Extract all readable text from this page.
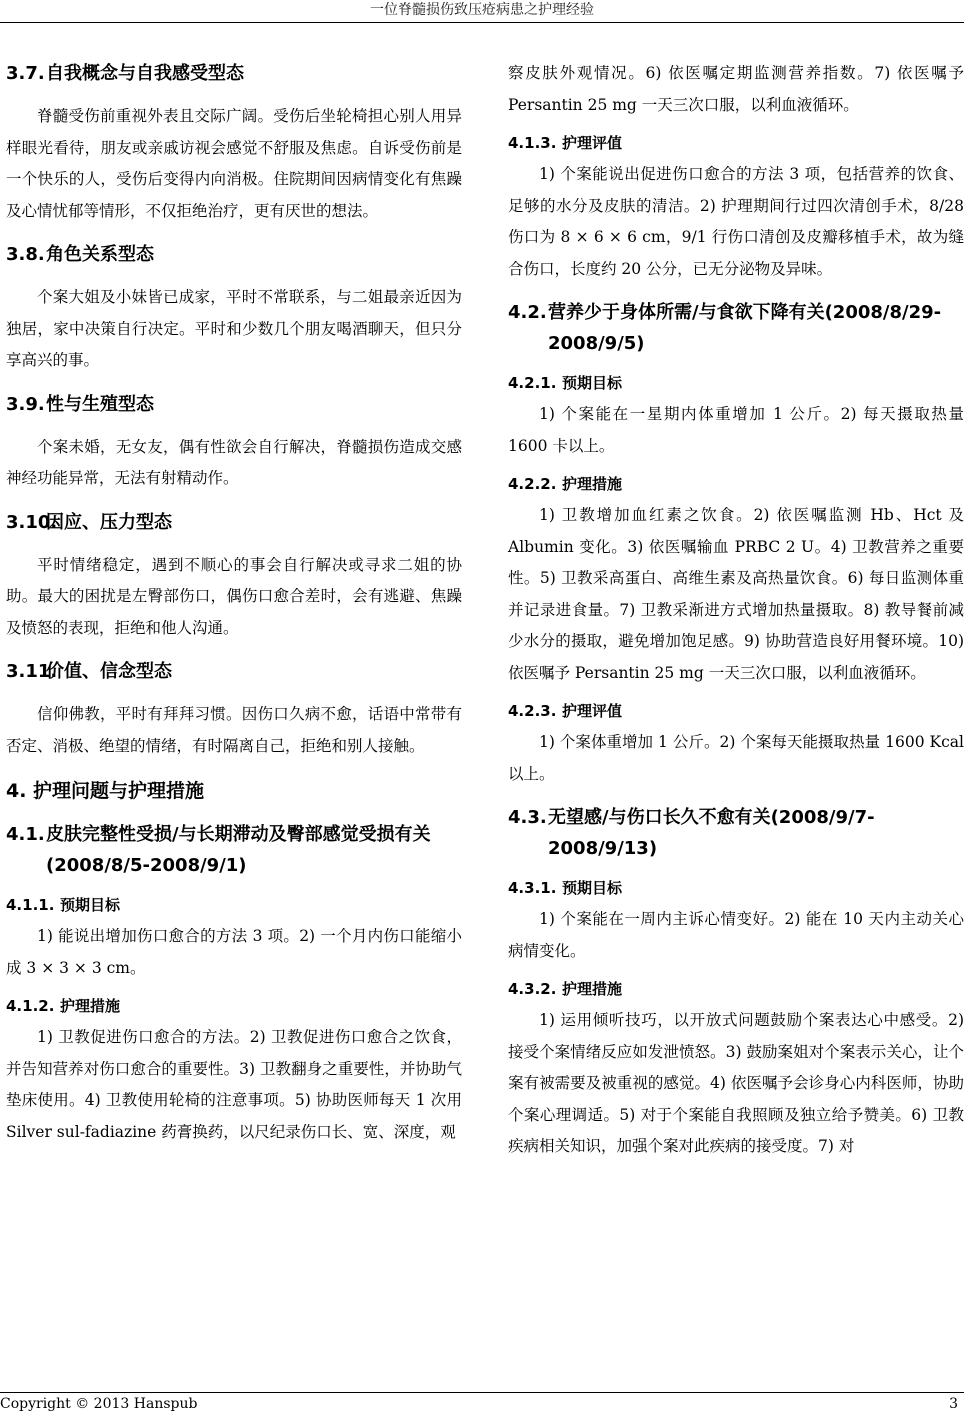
一位脊髓损伤致压疮病患之护理经验
3.7.自我概念与自我感受型态

脊髓受伤前重视外表且交际广阔。受伤后坐轮椅担心别人用异样眼光看待，朋友或亲戚访视会感觉不舒服及焦虑。自诉受伤前是一个快乐的人，受伤后变得内向消极。住院期间因病情变化有焦躁及心情忧郁等情形，不仅拒绝治疗，更有厌世的想法。

3.8.角色关系型态

个案大姐及小妹皆已成家，平时不常联系，与二姐最亲近因为独居，家中决策自行决定。平时和少数几个朋友喝酒聊天，但只分享高兴的事。

3.9.性与生殖型态

个案未婚，无女友，偶有性欲会自行解决，脊髓损伤造成交感神经功能异常，无法有射精动作。

3.10.因应、压力型态

平时情绪稳定，遇到不顺心的事会自行解决或寻求二姐的协助。最大的困扰是左臀部伤口，偶伤口愈合差时，会有逃避、焦躁及愤怒的表现，拒绝和他人沟通。

3.11.价值、信念型态

信仰佛教，平时有拜拜习惯。因伤口久病不愈，话语中常带有否定、消极、绝望的情绪，有时隔离自己，拒绝和别人接触。

4. 护理问题与护理措施
4.1.皮肤完整性受损/与长期滞动及臀部感觉受损有关(2008/8/5-2008/9/1)
4.1.1. 预期目标

1) 能说出增加伤口愈合的方法 3 项。2) 一个月内伤口能缩小成 3 × 3 × 3 cm。

4.1.2. 护理措施

1) 卫教促进伤口愈合的方法。2) 卫教促进伤口愈合之饮食，并告知营养对伤口愈合的重要性。3) 卫教翻身之重要性，并协助气垫床使用。4) 卫教使用轮椅的注意事项。5) 协助医师每天 1 次用 Silver sul-fadiazine 药膏换药，以尺纪录伤口长、宽、深度，观

察皮肤外观情况。6) 依医嘱定期监测营养指数。7) 依医嘱予 Persantin 25 mg 一天三次口服，以利血液循环。

4.1.3. 护理评值

1) 个案能说出促进伤口愈合的方法 3 项，包括营养的饮食、足够的水分及皮肤的清洁。2) 护理期间行过四次清创手术，8/28 伤口为 8 × 6 × 6 cm，9/1 行伤口清创及皮瓣移植手术，故为缝合伤口，长度约 20 公分，已无分泌物及异味。

4.2.营养少于身体所需/与食欲下降有关(2008/8/29-2008/9/5)
4.2.1. 预期目标

1) 个案能在一星期内体重增加 1 公斤。2) 每天摄取热量 1600 卡以上。

4.2.2. 护理措施

1) 卫教增加血红素之饮食。2) 依医嘱监测 Hb、Hct 及 Albumin 变化。3) 依医嘱输血 PRBC 2 U。4) 卫教营养之重要性。5) 卫教采高蛋白、高维生素及高热量饮食。6) 每日监测体重并记录进食量。7) 卫教采渐进方式增加热量摄取。8) 教导餐前减少水分的摄取，避免增加饱足感。9) 协助营造良好用餐环境。10) 依医嘱予 Persantin 25 mg 一天三次口服，以利血液循环。

4.2.3. 护理评值

1) 个案体重增加 1 公斤。2) 个案每天能摄取热量 1600 Kcal 以上。

4.3.无望感/与伤口长久不愈有关(2008/9/7-2008/9/13)
4.3.1. 预期目标

1) 个案能在一周内主诉心情变好。2) 能在 10 天内主动关心病情变化。

4.3.2. 护理措施

1) 运用倾听技巧，以开放式问题鼓励个案表达心中感受。2) 接受个案情绪反应如发泄愤怒。3) 鼓励案姐对个案表示关心，让个案有被需要及被重视的感觉。4) 依医嘱予会诊身心内科医师，协助个案心理调适。5) 对于个案能自我照顾及独立给予赞美。6) 卫教疾病相关知识，加强个案对此疾病的接受度。7) 对

Copyright © 2013 Hanspub	3
